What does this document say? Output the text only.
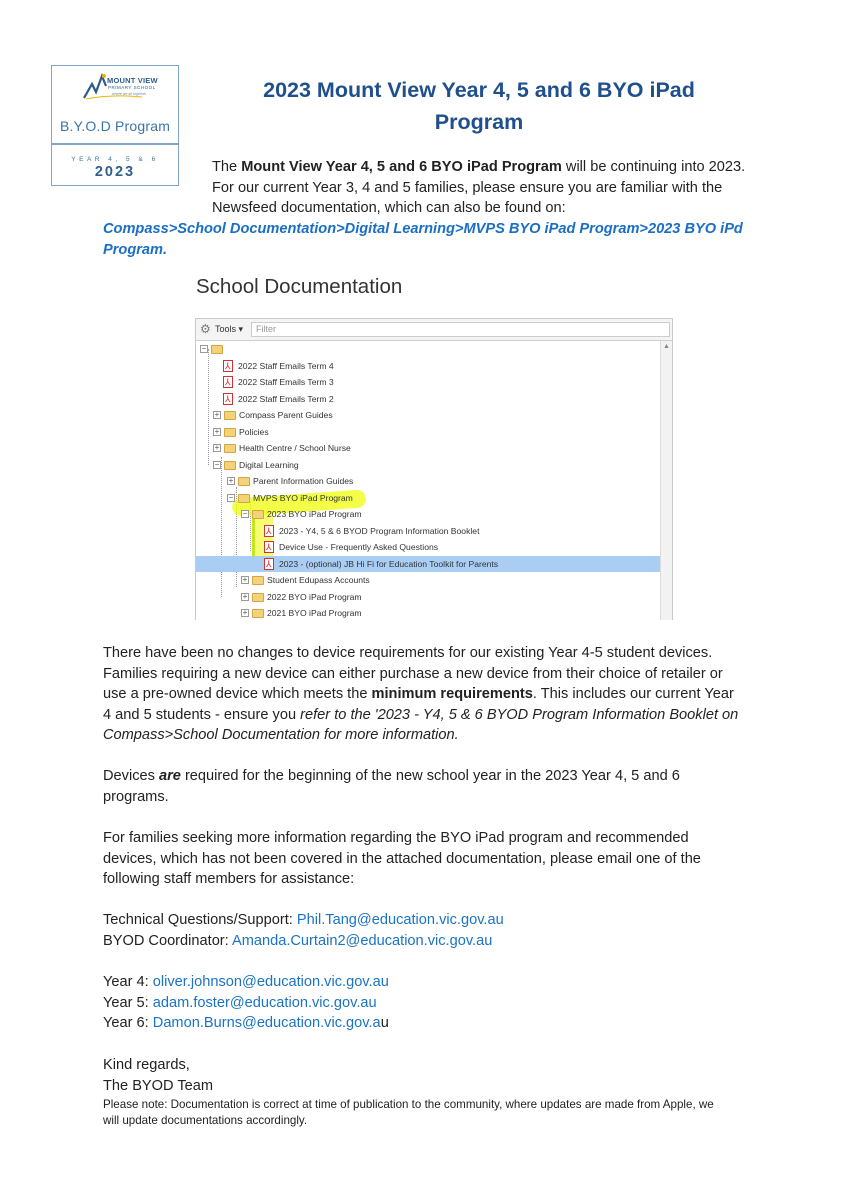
MOUNT VIEW
PRIMARY SCHOOL
where we all together
B.Y.O.D Program
YEAR 4, 5 & 6
2023
2023 Mount View Year 4, 5 and 6 BYO iPad
Program
The Mount View Year 4, 5 and 6 BYO iPad Program will be continuing into 2023.
For our current Year 3, 4 and 5 families, please ensure you are familiar with the
Newsfeed documentation, which can also be found on:
Compass>School Documentation>Digital Learning>MVPS BYO iPad Program>2023 BYO iPd
Program.
School Documentation
⚙ Tools ▾	Filter
▲
−
⅄
2022 Staff Emails Term 4
⅄
2022 Staff Emails Term 3
⅄
2022 Staff Emails Term 2
+ Compass Parent Guides
+ Policies
+ Health Centre / School Nurse
− Digital Learning
+ Parent Information Guides
− MVPS BYO iPad Program
− 2023 BYO iPad Program
⅄
2023 - Y4, 5 & 6 BYOD Program Information Booklet
⅄
Device Use - Frequently Asked Questions
⅄
2023 - (optional) JB Hi Fi for Education Toolkit for Parents
+ Student Edupass Accounts
+ 2022 BYO iPad Program
+ 2021 BYO iPad Program
There have been no changes to device requirements for our existing Year 4-5 student devices.
Families requiring a new device can either purchase a new device from their choice of retailer or
use a pre-owned device which meets the minimum requirements. This includes our current Year
4 and 5 students - ensure you refer to the '2023 - Y4, 5 & 6 BYOD Program Information Booklet on
Compass>School Documentation for more information.
Devices are required for the beginning of the new school year in the 2023 Year 4, 5 and 6
programs.
For families seeking more information regarding the BYO iPad program and recommended
devices, which has not been covered in the attached documentation, please email one of the
following staff members for assistance:
Technical Questions/Support: Phil.Tang@education.vic.gov.au
BYOD Coordinator: Amanda.Curtain2@education.vic.gov.au
Year 4: oliver.johnson@education.vic.gov.au
Year 5: adam.foster@education.vic.gov.au
Year 6: Damon.Burns@education.vic.gov.au
Kind regards,
The BYOD Team
Please note: Documentation is correct at time of publication to the community, where updates are made from Apple, we
will update documentations accordingly.
